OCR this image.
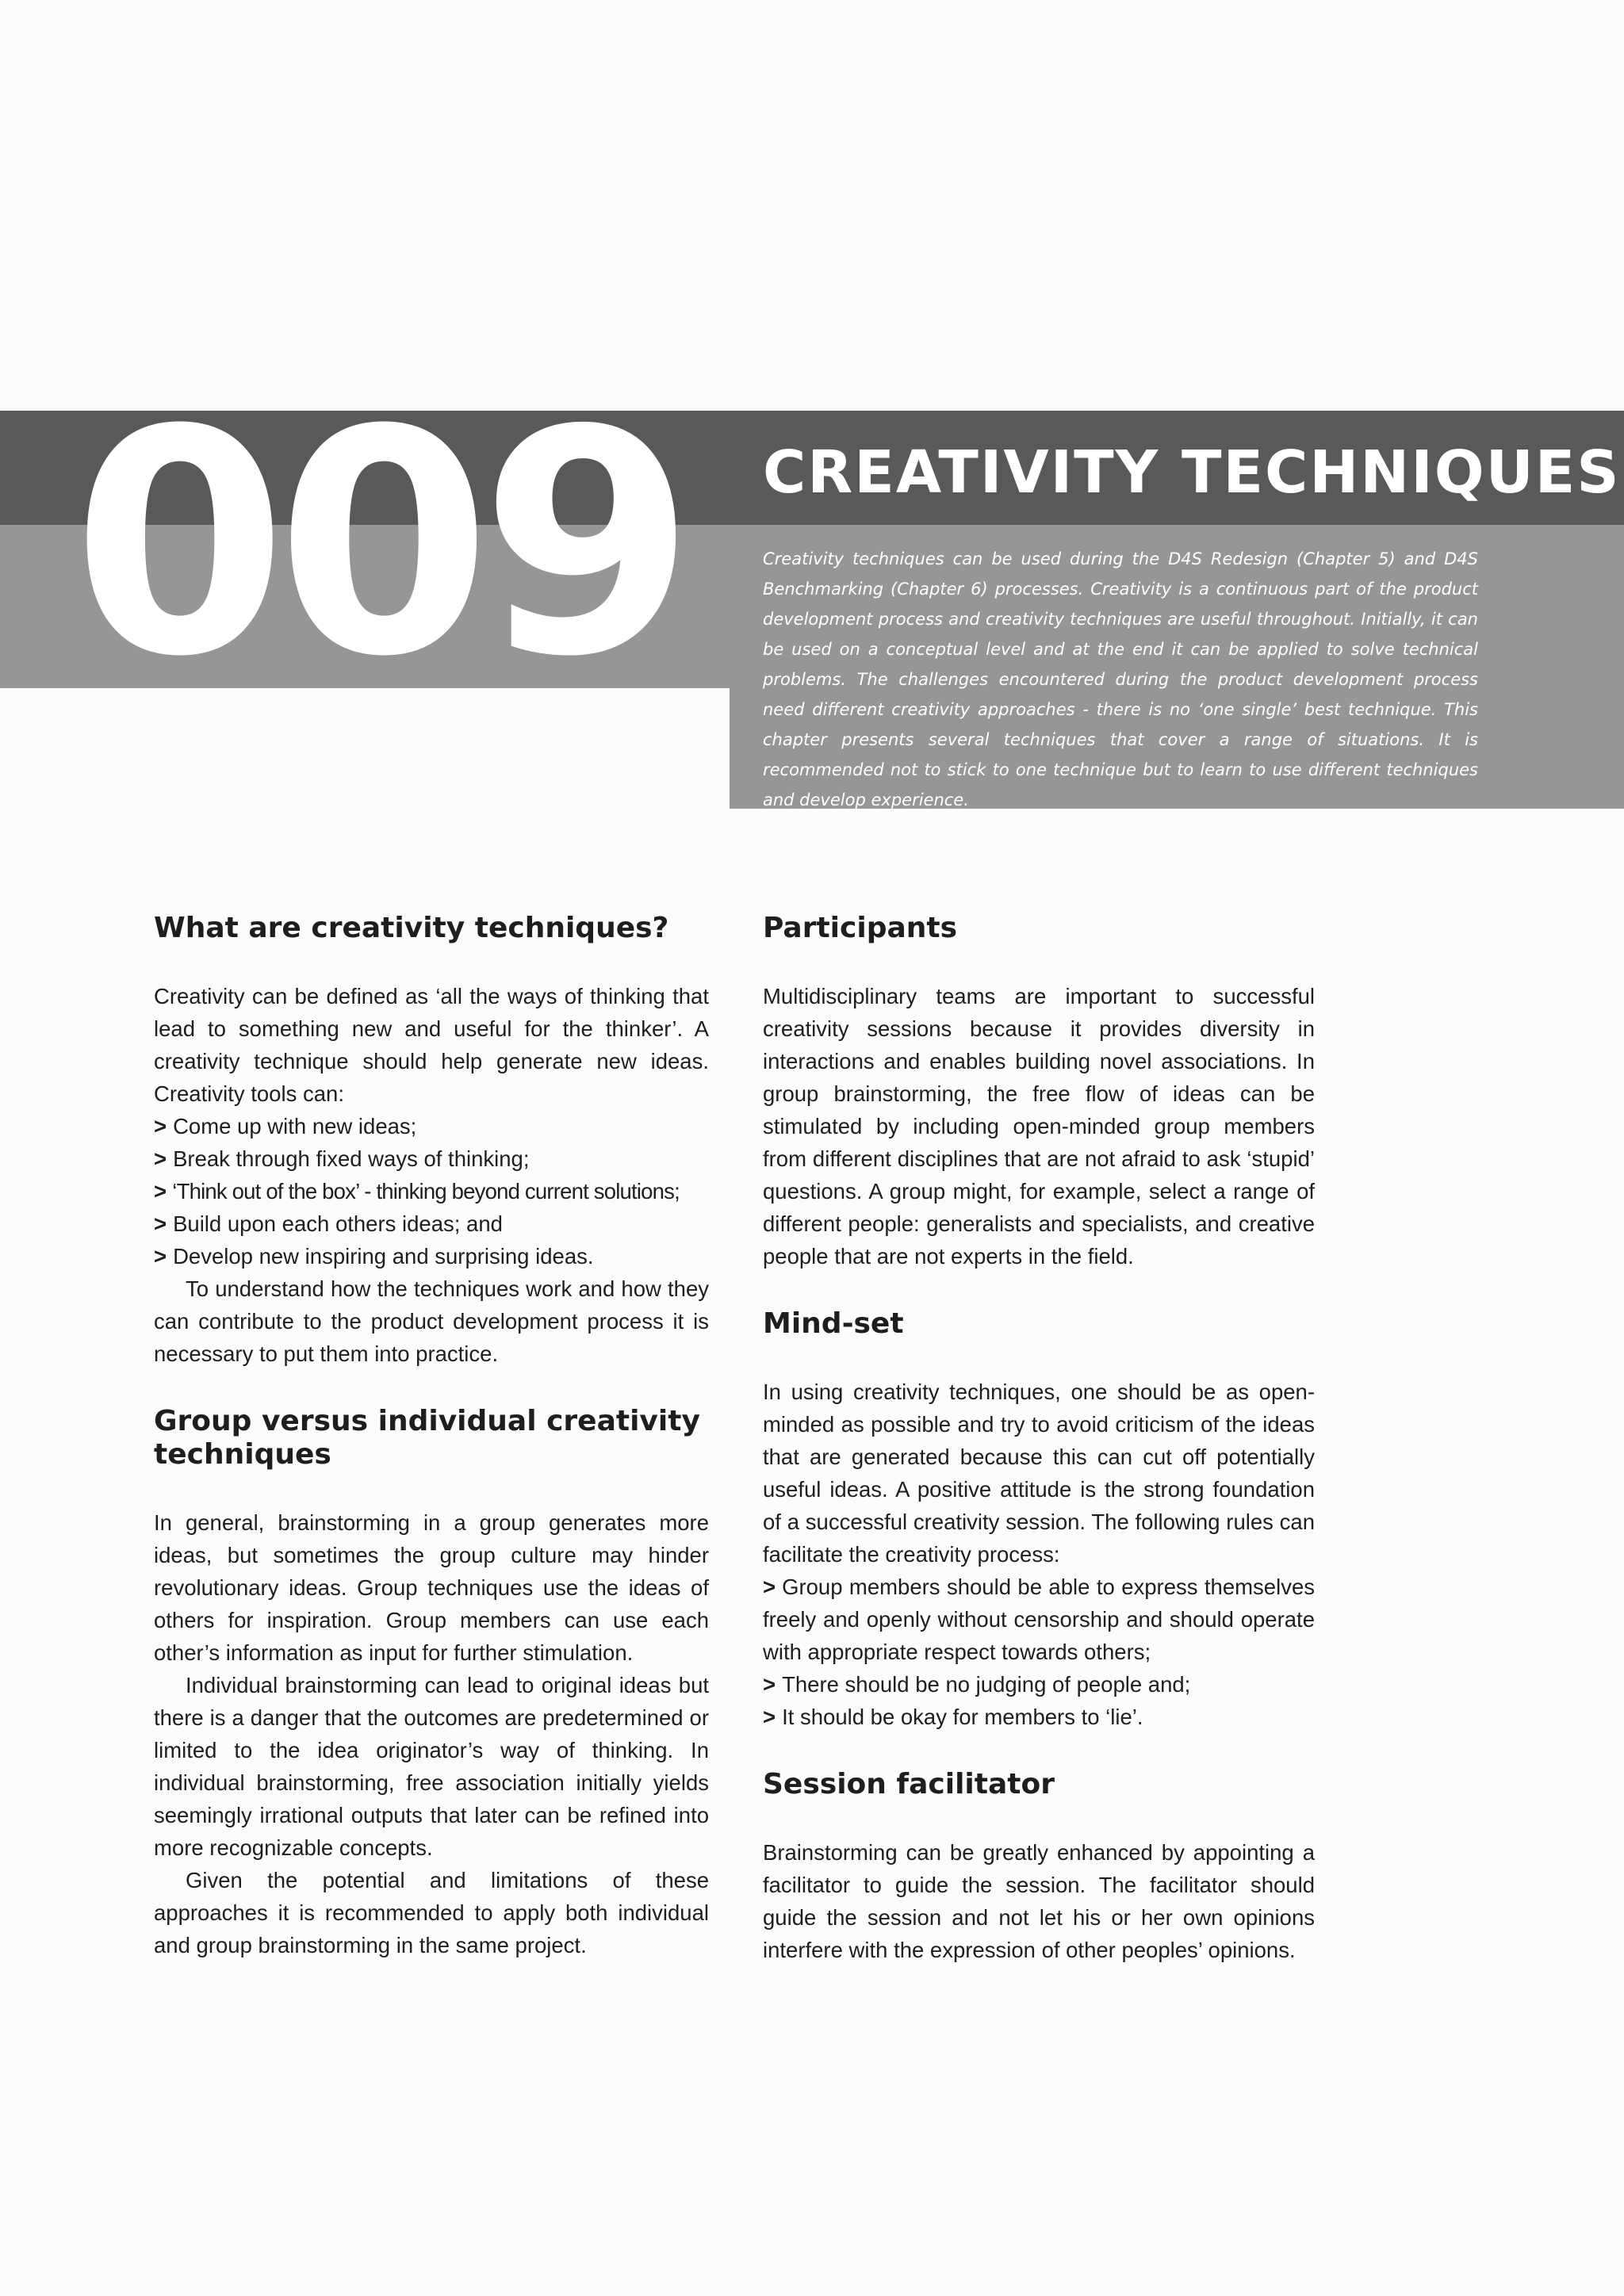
009 CREATIVITY TECHNIQUES

Creativity techniques can be used during the D4S Redesign (Chapter 5) and D4S Benchmarking (Chapter 6) processes. Creativity is a continuous part of the product development process and creativity techniques are useful throughout. Initially, it can be used on a conceptual level and at the end it can be applied to solve technical problems. The challenges encountered during the product development process need different creativity approaches - there is no ‘one single’ best technique. This chapter presents several techniques that cover a range of situations. It is recommended not to stick to one technique but to learn to use different techniques and develop experience.

What are creativity techniques?

Creativity can be defined as ‘all the ways of thinking that lead to something new and useful for the thinker’. A creativity technique should help generate new ideas. Creativity tools can:

> Come up with new ideas;
> Break through fixed ways of thinking;
> ‘Think out of the box’ - thinking beyond current solutions;
> Build upon each others ideas; and
> Develop new inspiring and surprising ideas.

To understand how the techniques work and how they can contribute to the product development process it is necessary to put them into practice.

Group versus individual creativity techniques

In general, brainstorming in a group generates more ideas, but sometimes the group culture may hinder revolutionary ideas. Group techniques use the ideas of others for inspiration. Group members can use each other’s information as input for further stimulation.

Individual brainstorming can lead to original ideas but there is a danger that the outcomes are predetermined or limited to the idea originator’s way of thinking. In individual brainstorming, free association initially yields seemingly irrational outputs that later can be refined into more recognizable concepts.

Given the potential and limitations of these approaches it is recommended to apply both individual and group brainstorming in the same project.

Participants

Multidisciplinary teams are important to successful creativity sessions because it provides diversity in interactions and enables building novel associations. In group brainstorming, the free flow of ideas can be stimulated by including open-minded group members from different disciplines that are not afraid to ask ‘stupid’ questions. A group might, for example, select a range of different people: generalists and specialists, and creative people that are not experts in the field.

Mind-set

In using creativity techniques, one should be as open-minded as possible and try to avoid criticism of the ideas that are generated because this can cut off potentially useful ideas. A positive attitude is the strong foundation of a successful creativity session. The following rules can facilitate the creativity process:

> Group members should be able to express themselves freely and openly without censorship and should operate with appropriate respect towards others;
> There should be no judging of people and;
> It should be okay for members to ‘lie’.
Session facilitator

Brainstorming can be greatly enhanced by appointing a facilitator to guide the session. The facilitator should guide the session and not let his or her own opinions interfere with the expression of other peoples’ opinions.
